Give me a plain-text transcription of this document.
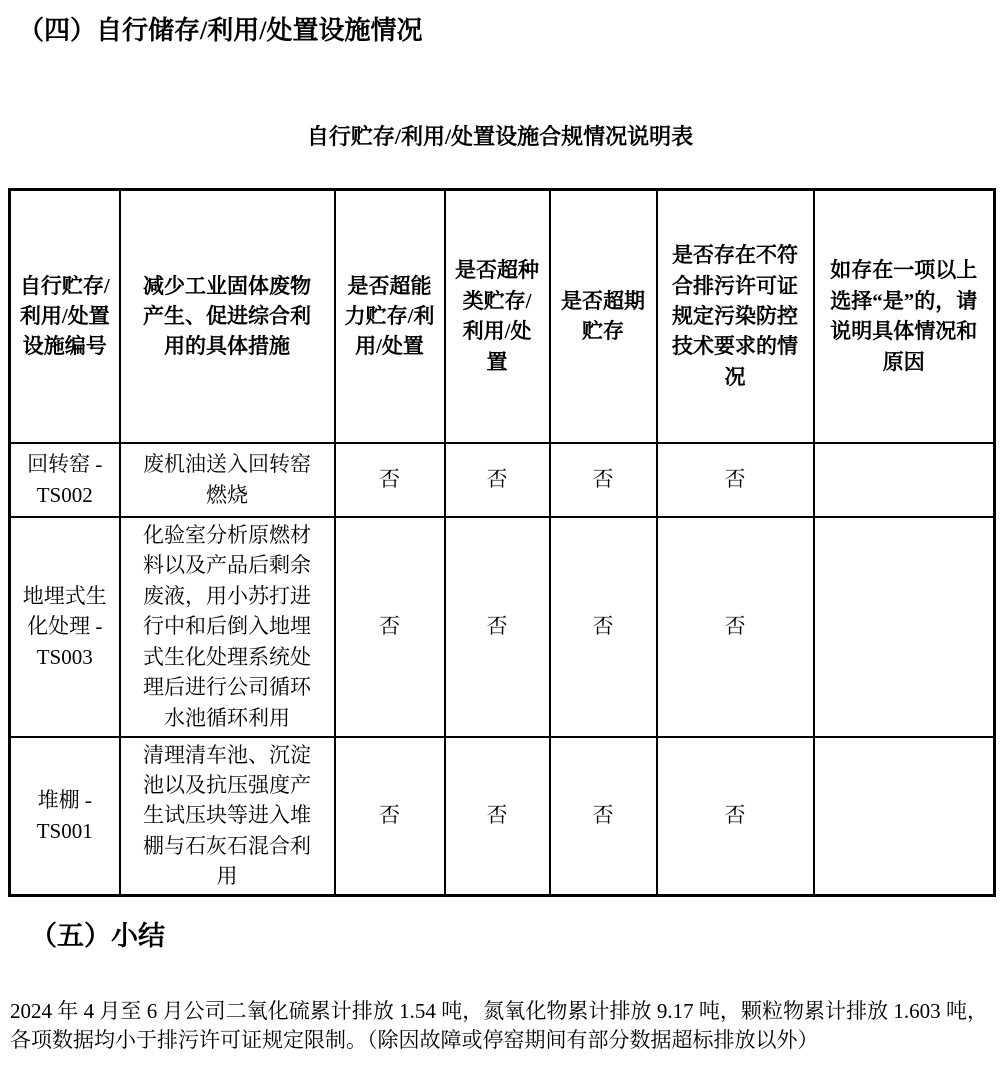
（四）自行储存/利用/处置设施情况
自行贮存/利用/处置设施合规情况说明表
自行贮存/利用/处置设施编号	减少工业固体废物产生、促进综合利用的具体措施	是否超能力贮存/利用/处置	是否超种类贮存/利用/处置	是否超期贮存	是否存在不符合排污许可证规定污染防控技术要求的情况	如存在一项以上选择“是”的，请说明具体情况和原因
回转窑 - TS002	废机油送入回转窑燃烧	否	否	否	否	
地埋式生化处理 - TS003	化验室分析原燃材料以及产品后剩余废液，用小苏打进行中和后倒入地埋式生化处理系统处理后进行公司循环水池循环利用	否	否	否	否	
堆棚 - TS001	清理清车池、沉淀池以及抗压强度产生试压块等进入堆棚与石灰石混合利用	否	否	否	否	
（五）小结
2024 年 4 月至 6 月公司二氧化硫累计排放 1.54 吨，氮氧化物累计排放 9.17 吨，颗粒物累计排放 1.603 吨，各项数据均小于排污许可证规定限制。（除因故障或停窑期间有部分数据超标排放以外）
